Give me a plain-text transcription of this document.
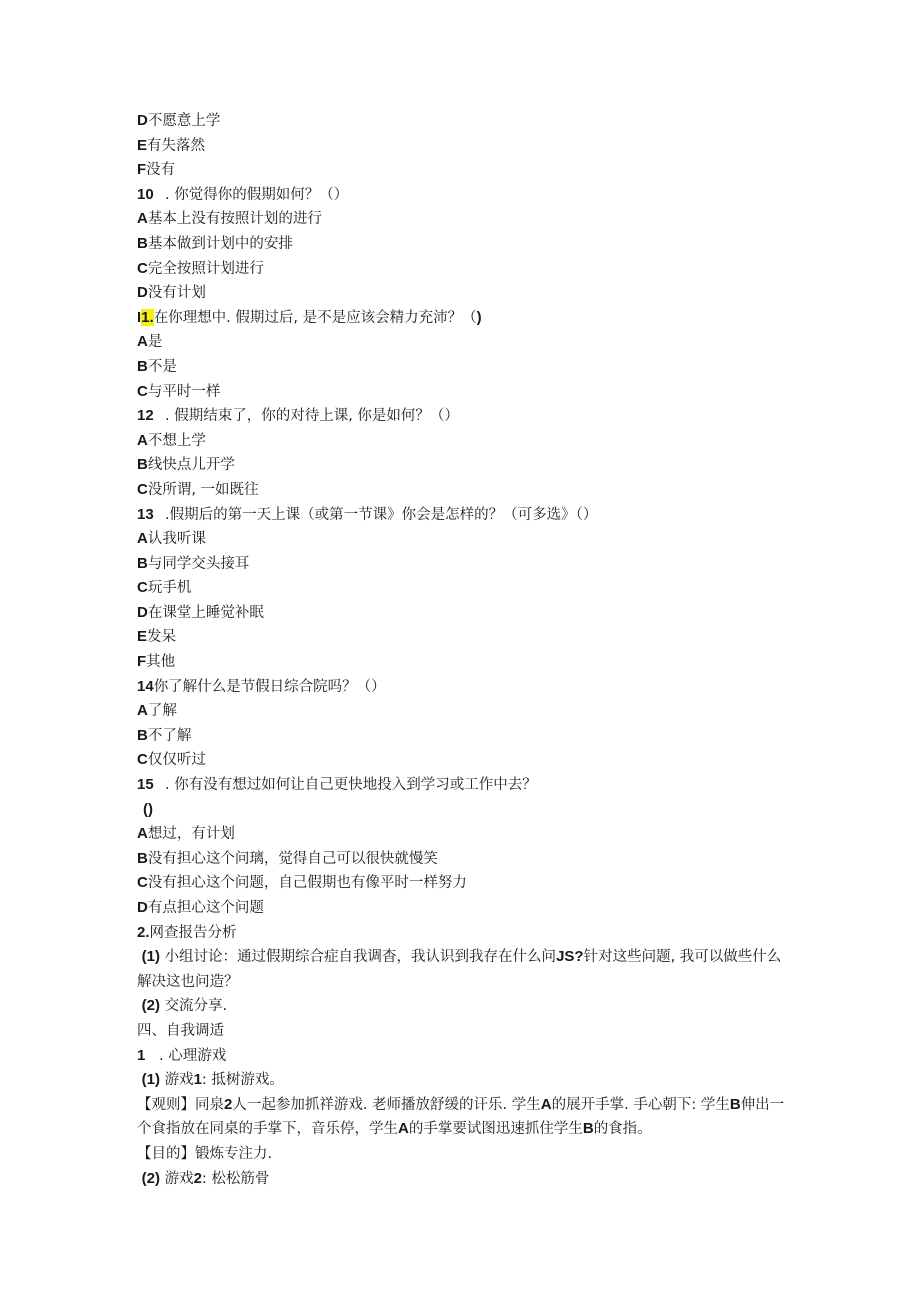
D不愿意上学
E有失落然
F没有
10 . 你觉得你的假期如何？（）
A基本上没有按照计划的进行
B基本做到计划中的安排
C完全按照计划进行
D没有计划
I1.在你理想中. 假期过后, 是不是应该会精力充沛？（)
A是
B不是
C与平时一样
12 . 假期结束了，你的对待上课, 你是如何？（）
A不想上学
B线快点儿开学
C没所谓, 一如既往
13 .假期后的第一天上课（或第一节课》你会是怎样的？（可多选》（）
A认我听课
B与同学交头接耳
C玩手机
D在课堂上睡觉补眠
E发呆
F其他
14你了解什么是节假日综合院吗？（）
A了解
B不了解
C仅仅听过
15 . 你有没有想过如何让自己更快地投入到学习或工作中去？
()
A想过，有计划
B没有担心这个问璃，觉得自己可以很快就慢笑
C没有担心这个问题，自己假期也有像平时一样努力
D有点担心这个问题
2.网查报告分析
(1) 小组讨论：通过假期综合症自我调杳，我认识到我存在什么问JS?针对这些问题, 我可以做些什么解决这也问造？
(2) 交流分享.
四、自我调适
1 . 心理游戏
(1) 游戏1: 抵树游戏。
【观则】同泉2人一起参加抓祥游戏. 老师播放舒缓的讦乐. 学生A的展开手掌. 手心朝下: 学生B伸出一个食指放在同桌的手掌下，音乐停，学生A的手掌要试图迅速抓住学生B的食指。
【目的】锻炼专注力.
(2) 游戏2: 松松筋骨
